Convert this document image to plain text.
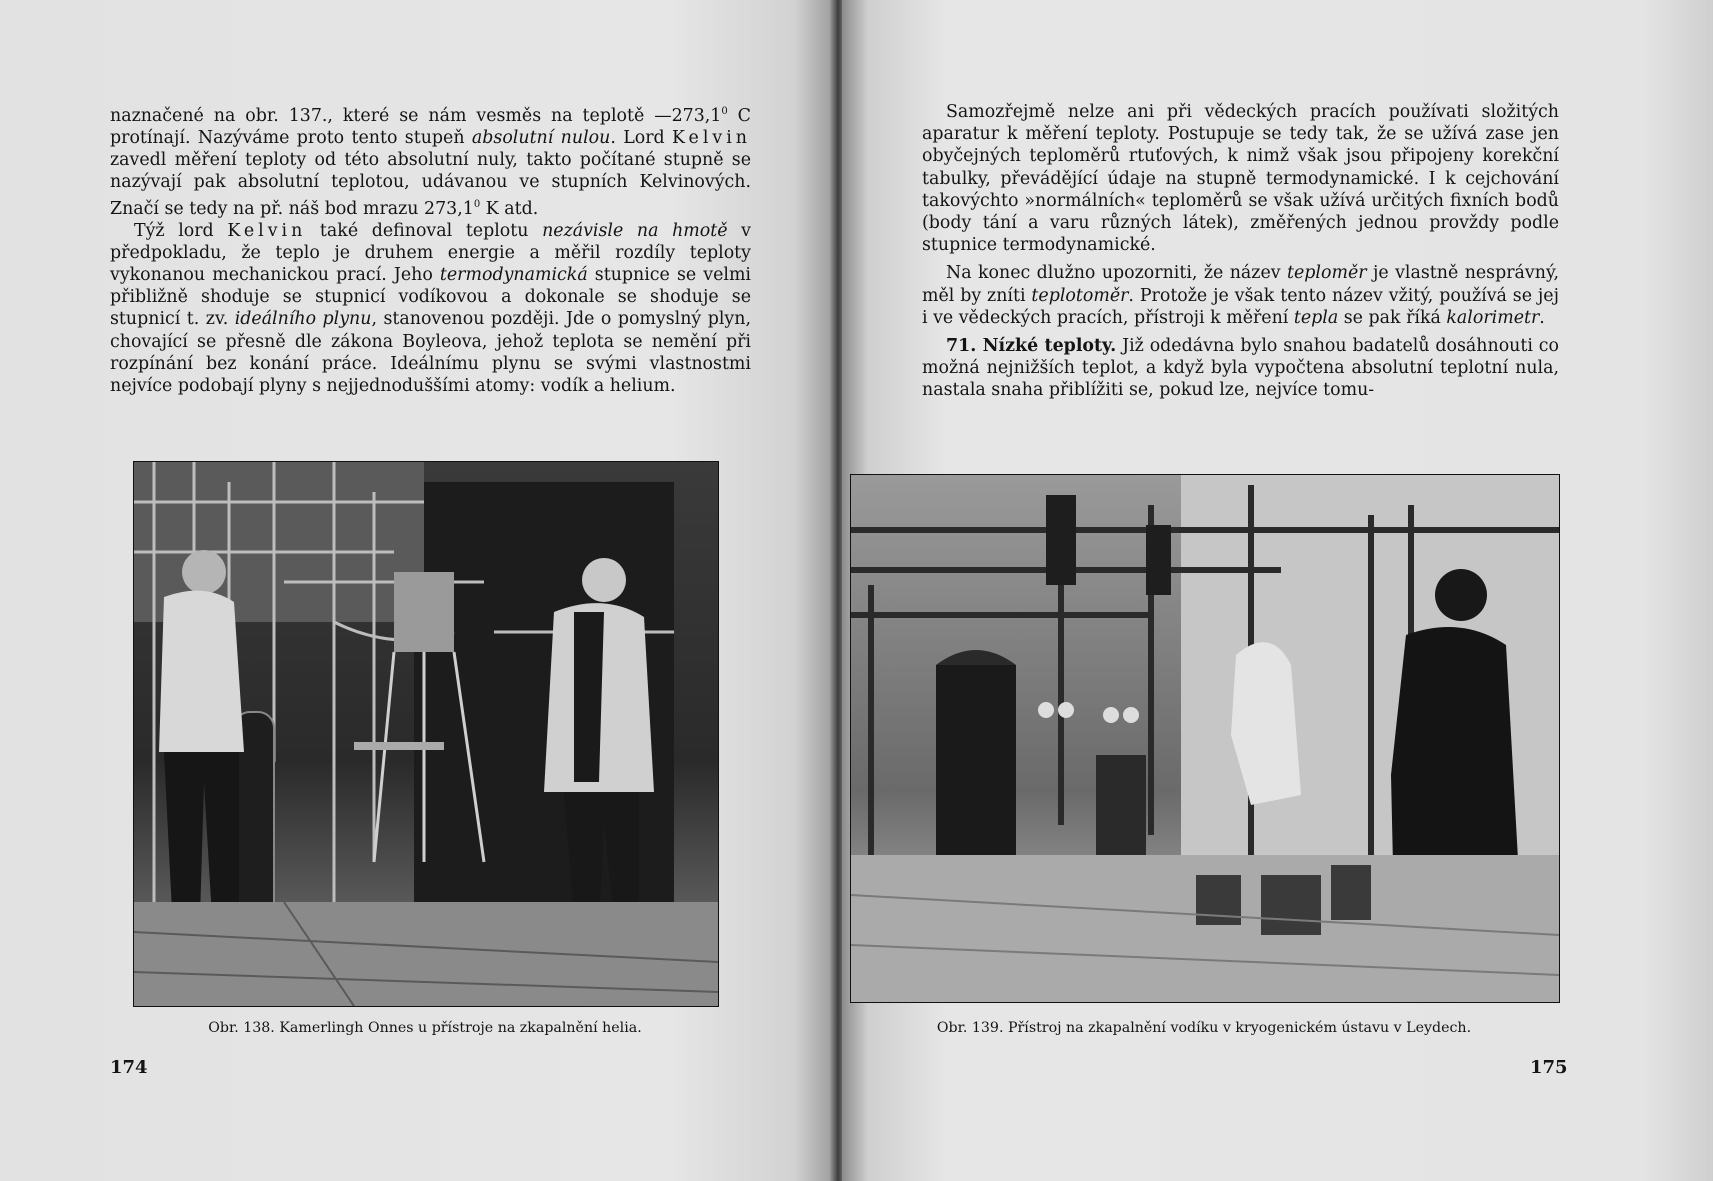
naznačené na obr. 137., které se nám vesměs na teplotě —273,1$^0$ C protínají. Nazýváme proto tento stupeň absolutní nulou. Lord Kelvin zavedl měření teploty od této absolutní nuly, takto počítané stupně se nazývají pak absolutní teplotou, udávanou ve stupních Kelvinových. Značí se tedy na př. náš bod mrazu 273,1$^0$ K atd.

Týž lord Kelvin také definoval teplotu nezávisle na hmotě v předpokladu, že teplo je druhem energie a měřil rozdíly teploty vykonanou mechanickou prací. Jeho termodynamická stupnice se velmi přibližně shoduje se stupnicí vodíkovou a dokonale se shoduje se stupnicí t. zv. ideálního plynu, stanovenou později. Jde o pomyslný plyn, chovající se přesně dle zákona Boyleova, jehož teplota se nemění při rozpínání bez konání práce. Ideálnímu plynu se svými vlastnostmi nejvíce podobají plyny s nejjednoduššími atomy: vodík a helium.

Obr. 138. Kamerlingh Onnes u přístroje na zkapalnění helia.
174

Samozřejmě nelze ani při vědeckých pracích používati složitých aparatur k měření teploty. Postupuje se tedy tak, že se užívá zase jen obyčejných teploměrů rtuťových, k nimž však jsou připojeny korekční tabulky, převádějící údaje na stupně termodynamické. I k cejchování takovýchto »normálních« teploměrů se však užívá určitých fixních bodů (body tání a varu různých látek), změřených jednou provždy podle stupnice termodynamické.

Na konec dlužno upozorniti, že název teploměr je vlastně nesprávný, měl by zníti teplotoměr. Protože je však tento název vžitý, používá se jej i ve vědeckých pracích, přístroji k měření tepla se pak říká kalorimetr.

71. Nízké teploty. Již odedávna bylo snahou badatelů dosáhnouti co možná nejnižších teplot, a když byla vypočtena absolutní teplotní nula, nastala snaha přiblížiti se, pokud lze, nejvíce tomu-

Obr. 139. Přístroj na zkapalnění vodíku v kryogenickém ústavu v Leydech.
175
